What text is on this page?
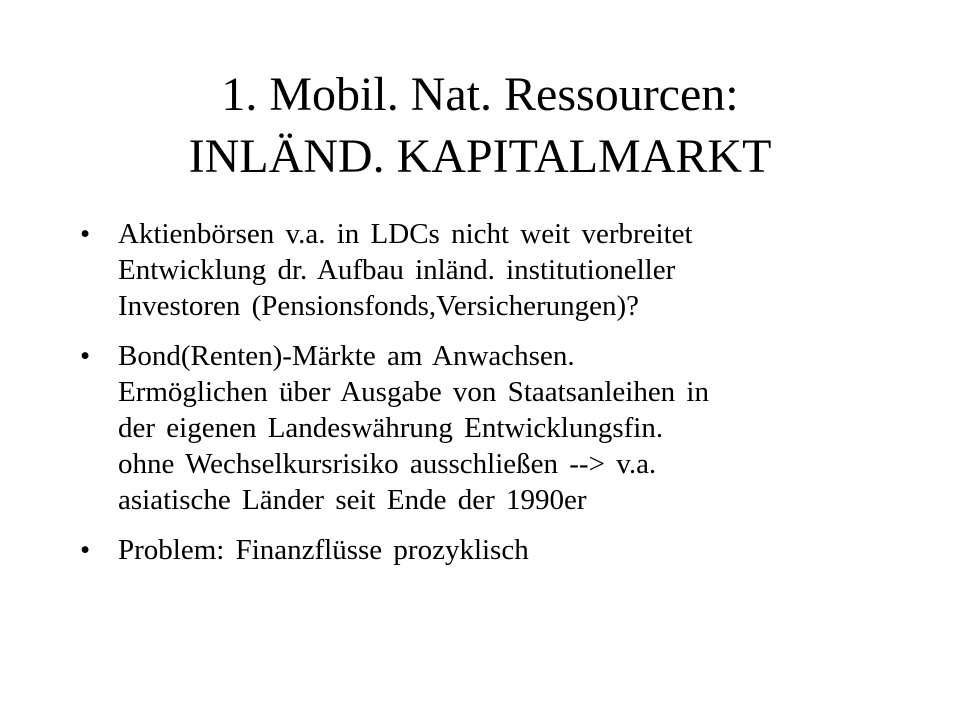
1. Mobil. Nat. Ressourcen:
INLÄND. KAPITALMARKT
• Aktienbörsen v.a. in LDCs nicht weit verbreitet
Entwicklung dr. Aufbau inländ. institutioneller
Investoren (Pensionsfonds,Versicherungen)?
• Bond(Renten)-Märkte am Anwachsen.
Ermöglichen über Ausgabe von Staatsanleihen in
der eigenen Landeswährung Entwicklungsfin.
ohne Wechselkursrisiko ausschließen --> v.a.
asiatische Länder seit Ende der 1990er
• Problem: Finanzflüsse prozyklisch
